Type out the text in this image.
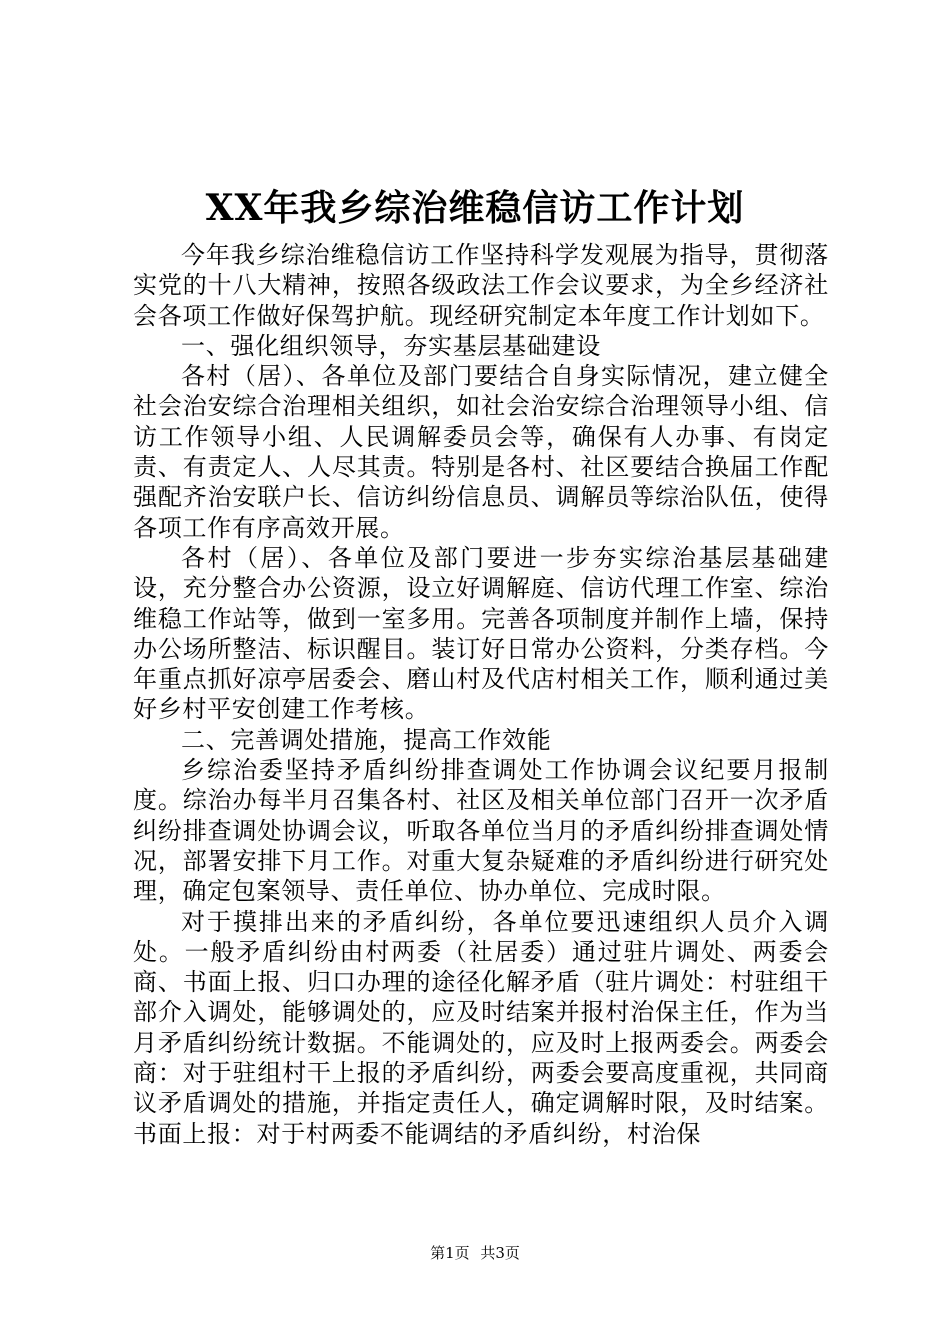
XX年我乡综治维稳信访工作计划

今年我乡综治维稳信访工作坚持科学发观展为指导，贯彻落实党的十八大精神，按照各级政法工作会议要求，为全乡经济社会各项工作做好保驾护航。现经研究制定本年度工作计划如下。

一、强化组织领导，夯实基层基础建设

各村（居）、各单位及部门要结合自身实际情况，建立健全社会治安综合治理相关组织，如社会治安综合治理领导小组、信访工作领导小组、人民调解委员会等，确保有人办事、有岗定责、有责定人、人尽其责。特别是各村、社区要结合换届工作配强配齐治安联户长、信访纠纷信息员、调解员等综治队伍，使得各项工作有序高效开展。

各村（居）、各单位及部门要进一步夯实综治基层基础建设，充分整合办公资源，设立好调解庭、信访代理工作室、综治维稳工作站等，做到一室多用。完善各项制度并制作上墙，保持办公场所整洁、标识醒目。装订好日常办公资料，分类存档。今年重点抓好凉亭居委会、磨山村及代店村相关工作，顺利通过美好乡村平安创建工作考核。

二、完善调处措施，提高工作效能

乡综治委坚持矛盾纠纷排查调处工作协调会议纪要月报制度。综治办每半月召集各村、社区及相关单位部门召开一次矛盾纠纷排查调处协调会议，听取各单位当月的矛盾纠纷排查调处情况，部署安排下月工作。对重大复杂疑难的矛盾纠纷进行研究处理，确定包案领导、责任单位、协办单位、完成时限。

对于摸排出来的矛盾纠纷，各单位要迅速组织人员介入调处。一般矛盾纠纷由村两委（社居委）通过驻片调处、两委会商、书面上报、归口办理的途径化解矛盾（驻片调处：村驻组干部介入调处，能够调处的，应及时结案并报村治保主任，作为当月矛盾纠纷统计数据。不能调处的，应及时上报两委会。两委会商：对于驻组村干上报的矛盾纠纷，两委会要高度重视，共同商议矛盾调处的措施，并指定责任人，确定调解时限，及时结案。书面上报：对于村两委不能调结的矛盾纠纷，村治保

第1页 共3页
